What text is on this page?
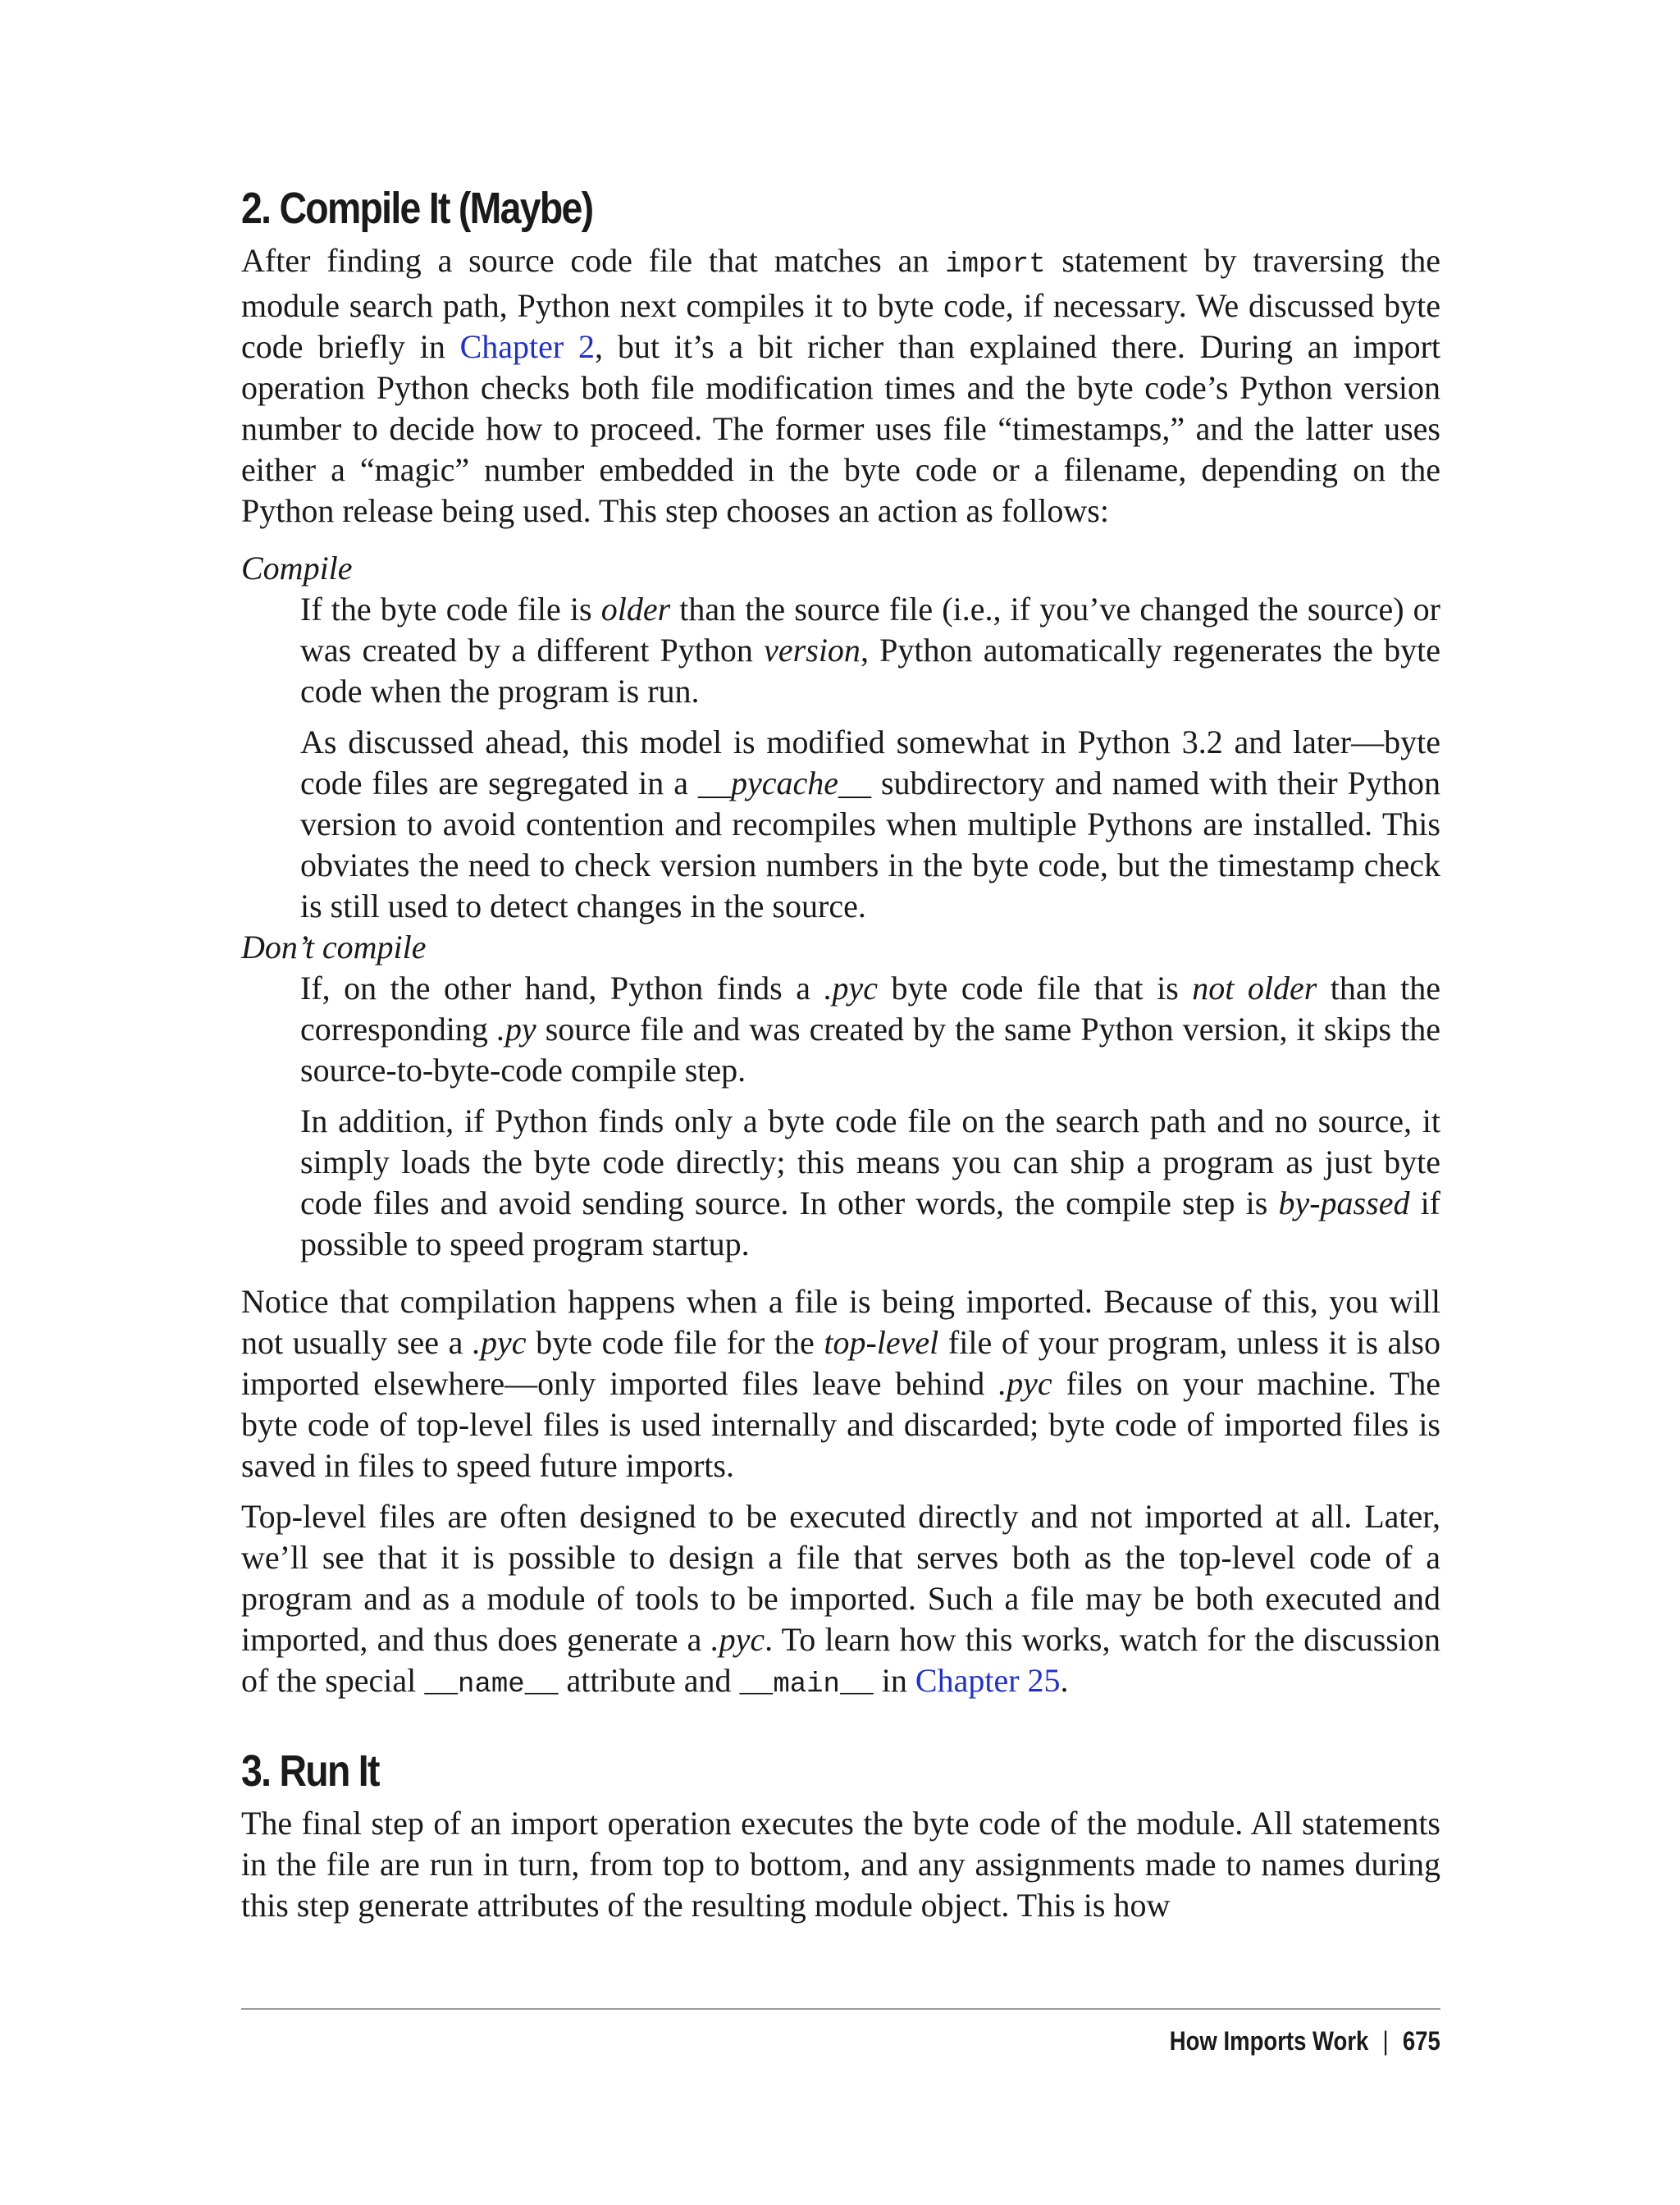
2. Compile It (Maybe)

After finding a source code file that matches an import statement by traversing the module search path, Python next compiles it to byte code, if necessary. We discussed byte code briefly in Chapter 2, but it’s a bit richer than explained there. During an import operation Python checks both file modification times and the byte code’s Python version number to decide how to proceed. The former uses file “timestamps,” and the latter uses either a “magic” number embedded in the byte code or a filename, depending on the Python release being used. This step chooses an action as follows:

Compile

If the byte code file is older than the source file (i.e., if you’ve changed the source) or was created by a different Python version, Python automatically regenerates the byte code when the program is run.

As discussed ahead, this model is modified somewhat in Python 3.2 and later—byte code files are segregated in a __pycache__ subdirectory and named with their Python version to avoid contention and recompiles when multiple Pythons are installed. This obviates the need to check version numbers in the byte code, but the timestamp check is still used to detect changes in the source.

Don’t compile

If, on the other hand, Python finds a .pyc byte code file that is not older than the corresponding .py source file and was created by the same Python version, it skips the source-to-byte-code compile step.

In addition, if Python finds only a byte code file on the search path and no source, it simply loads the byte code directly; this means you can ship a program as just byte code files and avoid sending source. In other words, the compile step is by-passed if possible to speed program startup.

Notice that compilation happens when a file is being imported. Because of this, you will not usually see a .pyc byte code file for the top-level file of your program, unless it is also imported elsewhere—only imported files leave behind .pyc files on your machine. The byte code of top-level files is used internally and discarded; byte code of imported files is saved in files to speed future imports.

Top-level files are often designed to be executed directly and not imported at all. Later, we’ll see that it is possible to design a file that serves both as the top-level code of a program and as a module of tools to be imported. Such a file may be both executed and imported, and thus does generate a .pyc. To learn how this works, watch for the discussion of the special __name__ attribute and __main__ in Chapter 25.

3. Run It

The final step of an import operation executes the byte code of the module. All statements in the file are run in turn, from top to bottom, and any assignments made to names during this step generate attributes of the resulting module object. This is how

How Imports Work | 675
